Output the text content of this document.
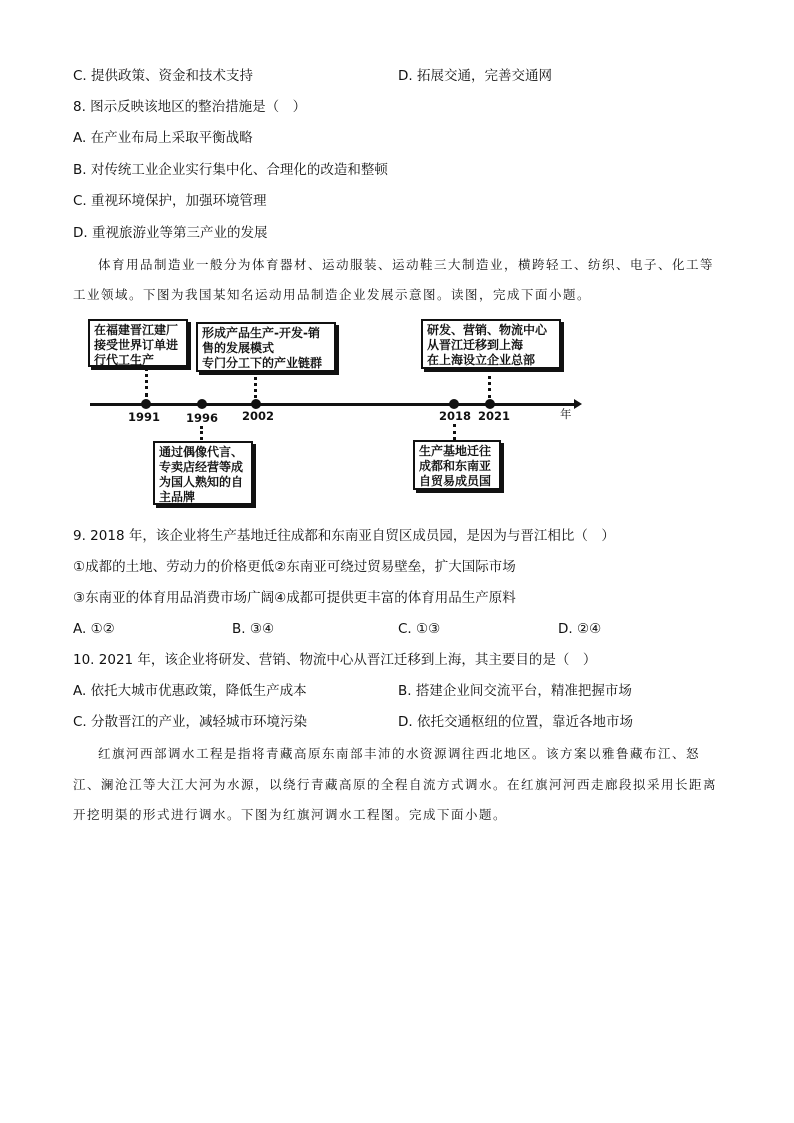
C. 提供政策、资金和技术支持	D. 拓展交通，完善交通网
8. 图示反映该地区的整治措施是（　）
A. 在产业布局上采取平衡战略
B. 对传统工业企业实行集中化、合理化的改造和整顿
C. 重视环境保护，加强环境管理
D. 重视旅游业等第三产业的发展
体育用品制造业一般分为体育器材、运动服装、运动鞋三大制造业，横跨轻工、纺织、电子、化工等
工业领域。下图为我国某知名运动用品制造企业发展示意图。读图，完成下面小题。
年
1991 1996 2002	2018 2021
在福建晋江建厂
接受世界订单进
行代工生产
通过偶像代言、
专卖店经营等成
为国人熟知的自
主品牌
形成产品生产-开发-销
售的发展模式
专门分工下的产业链群
生产基地迁往
成都和东南亚
自贸易成员国
研发、营销、物流中心
从晋江迁移到上海
在上海设立企业总部
9. 2018 年，该企业将生产基地迁往成都和东南亚自贸区成员园，是因为与晋江相比（　）
①成都的土地、劳动力的价格更低②东南亚可绕过贸易壁垒，扩大国际市场
③东南亚的体育用品消费市场广阔④成都可提供更丰富的体育用品生产原料
A. ①②	B. ③④	C. ①③	D. ②④
10. 2021 年，该企业将研发、营销、物流中心从晋江迁移到上海，其主要目的是（　）
A. 依托大城市优惠政策，降低生产成本	B. 搭建企业间交流平台，精准把握市场
C. 分散晋江的产业，减轻城市环境污染	D. 依托交通枢纽的位置，靠近各地市场
红旗河西部调水工程是指将青藏高原东南部丰沛的水资源调往西北地区。该方案以雅鲁藏布江、怒
江、澜沧江等大江大河为水源，以绕行青藏高原的全程自流方式调水。在红旗河河西走廊段拟采用长距离
开挖明渠的形式进行调水。下图为红旗河调水工程图。完成下面小题。
